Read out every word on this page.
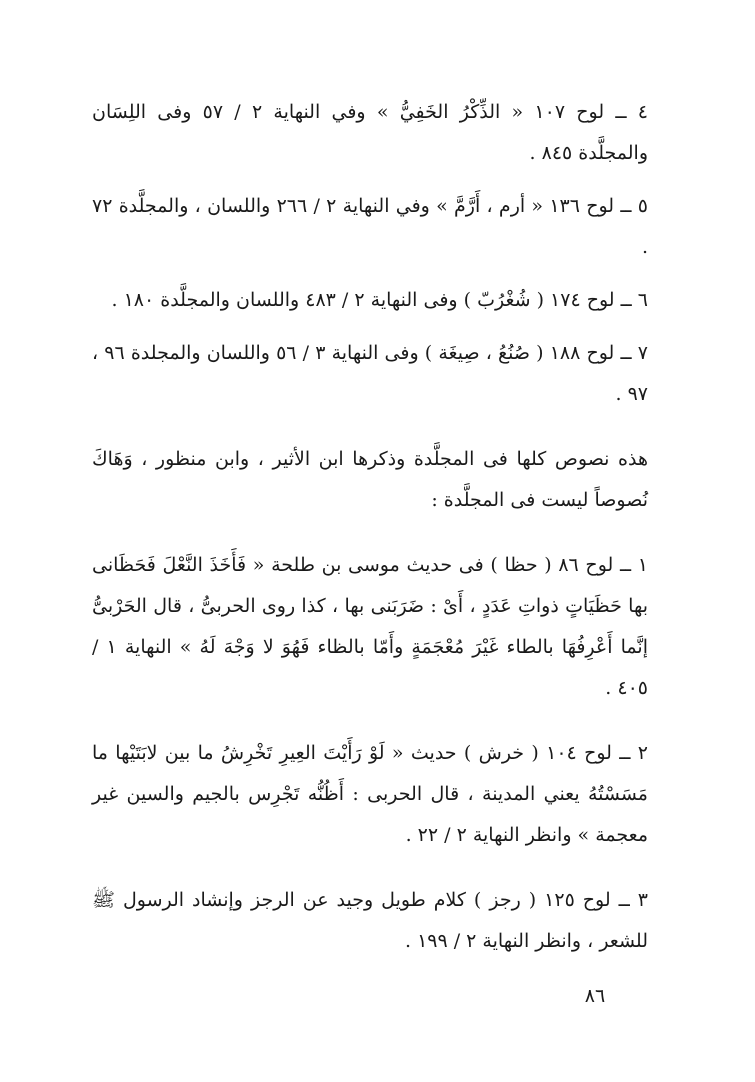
٤ ــ لوح ١٠٧ « الذِّكْرُ الخَفِيُّ » وفي النهاية ٢ / ٥٧ وفى اللِسَان والمجلَّدة ٨٤٥ .

٥ ــ لوح ١٣٦ « أرم ، أَرَّمَّ » وفي النهاية ٢ / ٢٦٦ واللسان ، والمجلَّدة ٧٢ .

٦ ــ لوح ١٧٤ ( شُغْرُبّ ) وفى النهاية ٢ / ٤٨٣ واللسان والمجلَّدة ١٨٠ .

٧ ــ لوح ١٨٨ ( صُنُعُ ، صِيغَة ) وفى النهاية ٣ / ٥٦ واللسان والمجلدة ٩٦ ، ٩٧ .

هذه نصوص كلها فى المجلَّدة وذكرها ابن الأثير ، وابن منظور ، وَهَاكَ نُصوصاً ليست فى المجلَّدة :

١ ــ لوح ٨٦ ( حظا ) فى حديث موسى بن طلحة « فَأَخَذَ النَّعْلَ فَحَظَانى بها حَظَيَاتٍ ذواتِ عَدَدٍ ، أَىْ : ضَرَبَنى بها ، كذا روى الحربىُّ ، قال الحَرْبىُّ إنَّما أَعْرِفُهَا بالطاء غَيْرَ مُعْجَمَةٍ وأَمّا بالظاء فَهُوَ لا وَجْهَ لَهُ » النهاية ١ / ٤٠٥ .

٢ ــ لوح ١٠٤ ( خرش ) حديث « لَوْ رَأَيْتَ العِيرِ تَخْرِشُ ما بين لابَتَيْها ما مَسَسْتُهُ يعني المدينة ، قال الحربى : أَظُنُّه تَجْرِس بالجيم والسين غير معجمة » وانظر النهاية ٢ / ٢٢ .

٣ ــ لوح ١٢٥ ( رجز ) كلام طويل وجيد عن الرجز وإنشاد الرسول ﷺ للشعر ، وانظر النهاية ٢ / ١٩٩ .

٨٦
